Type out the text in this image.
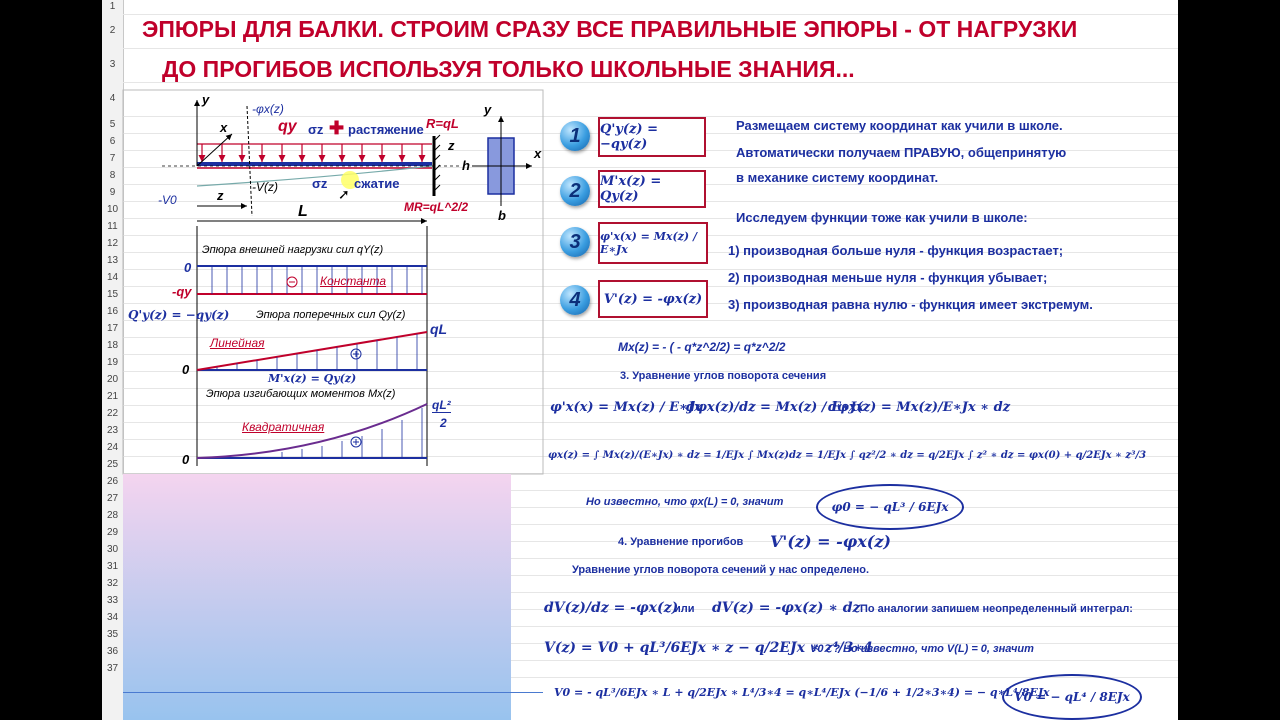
1
2
3
4
5
6
7
8
9
10
11
12
13
14
15
16
17
18
19
20
21
22
23
24
25
26
27
28
29
30
31
32
33
34
35
36
37
ЭПЮРЫ ДЛЯ БАЛКИ. СТРОИМ СРАЗУ ВСЕ ПРАВИЛЬНЫЕ ЭПЮРЫ - ОТ НАГРУЗКИ
ДО ПРОГИБОВ ИСПОЛЬЗУЯ ТОЛЬКО ШКОЛЬНЫЕ ЗНАНИЯ...
y
x
-φx(z)
qy σz ✚ растяжение R=qL
z
-V(z)	σz сжатие
-V0	z
L	MR=qL^2/2
y
x
h
b
Эпюра внешней нагрузки сил qY(z)
0
-qy
Константа
Q'y(z) = −qy(z) Эпюра поперечных сил Qy(z)
Линейная
qL
0
M'x(z) = Qy(z)
Эпюра изгибающих моментов Mx(z)
Квадратичная
qL²
2
0
1	Q'y(z) = −qy(z)
2	M'x(z) = Qy(z)
3	φ'x(x) = Mx(z) / E∗Jx
4	V'(z) = -φx(z)
Размещаем систему координат как учили в школе.
Автоматически получаем ПРАВУЮ, общепринятую
в механике систему координат.
Исследуем функции тоже как учили в школе:
1) производная больше нуля - функция возрастает;
2) производная меньше нуля - функция убывает;
3) производная равна нулю - функция имеет экстремум.
Mx(z) = - ( - q*z^2/2) = q*z^2/2
3. Уравнение углов поворота сечения
φ'x(x) = Mx(z) / E∗Jx
dφx(z)/dz = Mx(z) / E∗Jx
dφx(z) = Mx(z)/E∗Jx ∗ dz
φx(z) = ∫ Mx(z)/(E∗Jx) ∗ dz = 1/EJx ∫ Mx(z)dz = 1/EJx ∫ qz²/2 ∗ dz = q/2EJx ∫ z² ∗ dz = φx(0) + q/2EJx ∗ z³/3
Но известно, что φx(L) = 0, значит	φ0 = − qL³ / 6EJx
4. Уравнение прогибов V'(z) = -φx(z)
Уравнение углов поворота сечений у нас определено.
dV(z)/dz = -φx(z)
или dV(z) = -φx(z) ∗ dz По аналогии запишем неопределенный интеграл:
V(z) = V0 + qL³/6EJx ∗ z − q/2EJx ∗ z⁴/3∗4
V0 - ? Но известно, что V(L) = 0, значит
V0 = - qL³/6EJx ∗ L + q/2EJx ∗ L⁴/3∗4 = q∗L⁴/EJx (−1/6 + 1/2∗3∗4) = − q∗L⁴/8EJx
V0 = − qL⁴ / 8EJx
➚
